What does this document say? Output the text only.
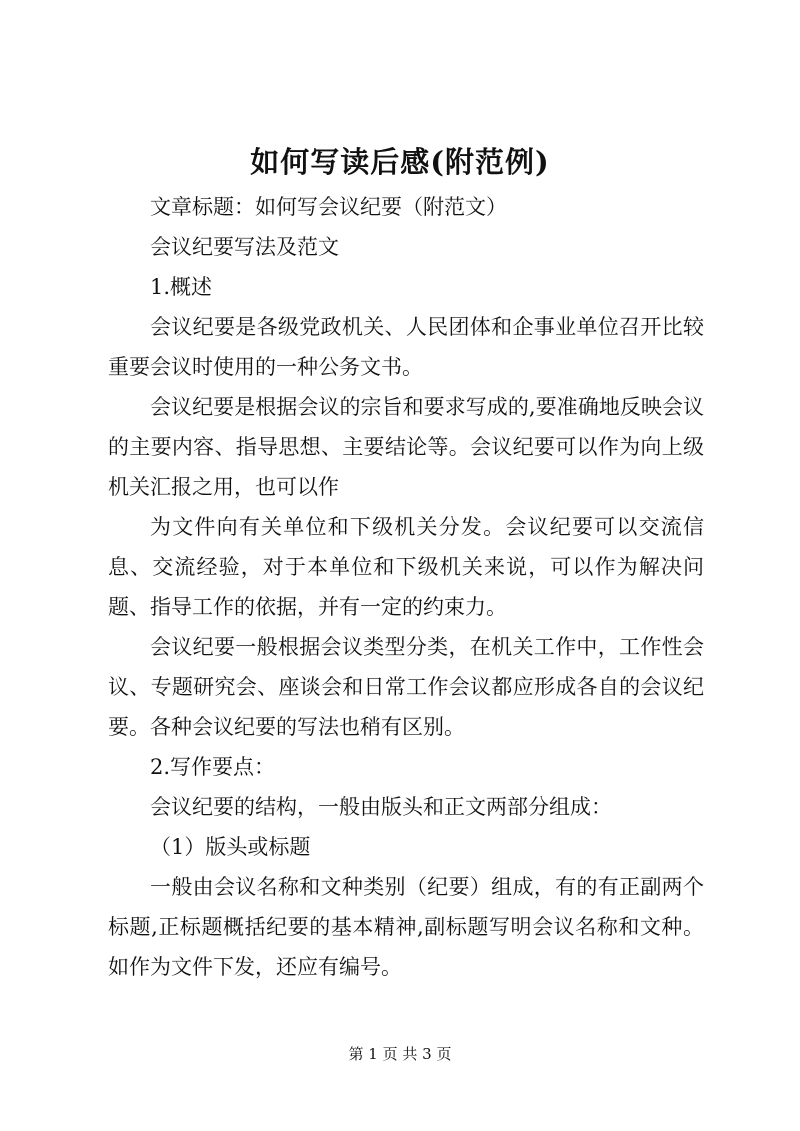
如何写读后感(附范例)

文章标题：如何写会议纪要（附范文）

会议纪要写法及范文

1.概述

会议纪要是各级党政机关、人民团体和企事业单位召开比较重要会议时使用的一种公务文书。

会议纪要是根据会议的宗旨和要求写成的,要准确地反映会议的主要内容、指导思想、主要结论等。会议纪要可以作为向上级机关汇报之用，也可以作

为文件向有关单位和下级机关分发。会议纪要可以交流信息、交流经验，对于本单位和下级机关来说，可以作为解决问题、指导工作的依据，并有一定的约束力。

会议纪要一般根据会议类型分类，在机关工作中，工作性会议、专题研究会、座谈会和日常工作会议都应形成各自的会议纪要。各种会议纪要的写法也稍有区别。

2.写作要点：

会议纪要的结构，一般由版头和正文两部分组成：

（1）版头或标题

一般由会议名称和文种类别（纪要）组成，有的有正副两个标题,正标题概括纪要的基本精神,副标题写明会议名称和文种。如作为文件下发，还应有编号。

第 1 页 共 3 页
